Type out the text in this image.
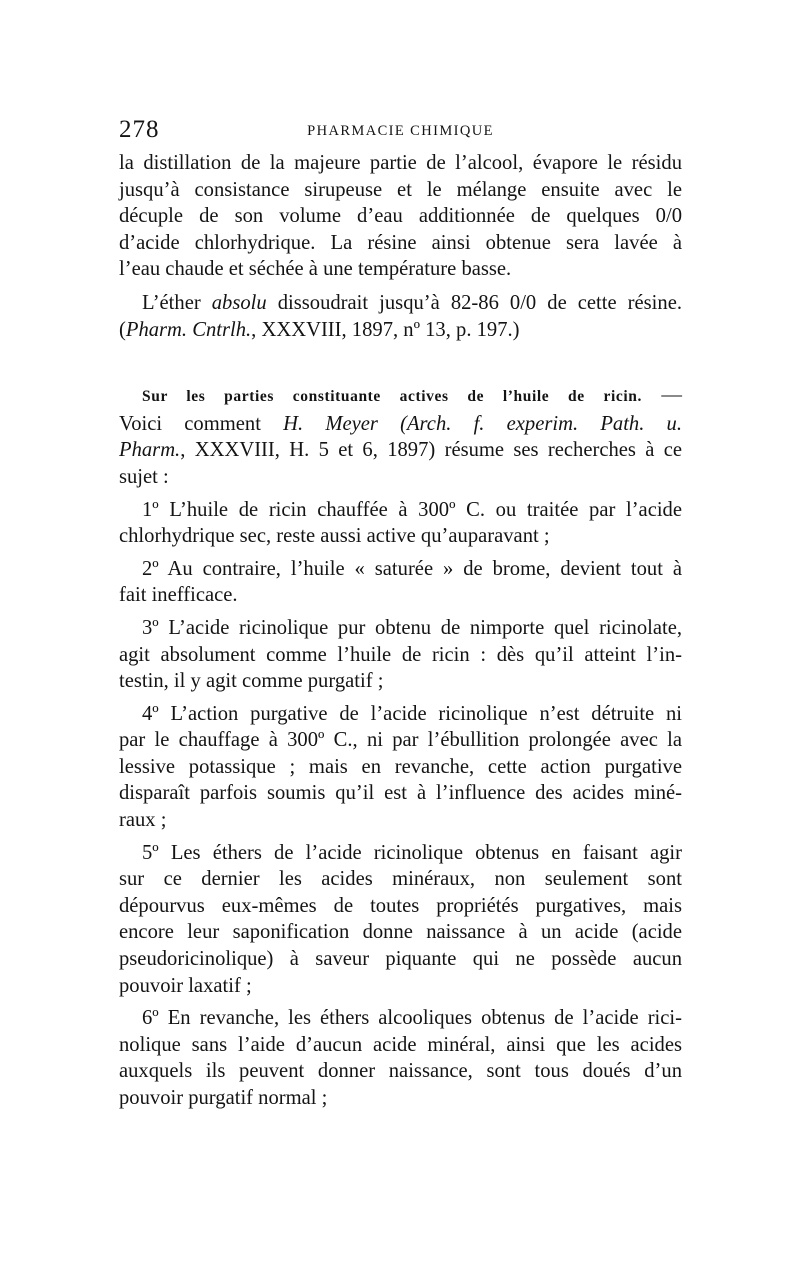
278	PHARMACIE CHIMIQUE

la distillation de la majeure partie de l’alcool, évapore le résidu
jusqu’à consistance sirupeuse et le mélange ensuite avec le
décuple de son volume d’eau additionnée de quelques 0/0
d’acide chlorhydrique. La résine ainsi obtenue sera lavée à
l’eau chaude et séchée à une température basse.

L’éther absolu dissoudrait jusqu’à 82-86 0/0 de cette résine.
(Pharm. Cntrlh., XXXVIII, 1897, nº 13, p. 197.)

Sur les parties constituante actives de l’huile de ricin. —
Voici comment H. Meyer (Arch. f. experim. Path. u.
Pharm., XXXVIII, H. 5 et 6, 1897) résume ses recherches à ce
sujet :

1º L’huile de ricin chauffée à 300º C. ou traitée par l’acide
chlorhydrique sec, reste aussi active qu’auparavant ;

2º Au contraire, l’huile « saturée » de brome, devient tout à
fait inefficace.

3º L’acide ricinolique pur obtenu de nimporte quel ricinolate,
agit absolument comme l’huile de ricin : dès qu’il atteint l’in-
testin, il y agit comme purgatif ;

4º L’action purgative de l’acide ricinolique n’est détruite ni
par le chauffage à 300º C., ni par l’ébullition prolongée avec la
lessive potassique ; mais en revanche, cette action purgative
disparaît parfois soumis qu’il est à l’influence des acides miné-
raux ;

5º Les éthers de l’acide ricinolique obtenus en faisant agir
sur ce dernier les acides minéraux, non seulement sont
dépourvus eux-mêmes de toutes propriétés purgatives, mais
encore leur saponification donne naissance à un acide (acide
pseudoricinolique) à saveur piquante qui ne possède aucun
pouvoir laxatif ;

6º En revanche, les éthers alcooliques obtenus de l’acide rici-
nolique sans l’aide d’aucun acide minéral, ainsi que les acides
auxquels ils peuvent donner naissance, sont tous doués d’un
pouvoir purgatif normal ;
